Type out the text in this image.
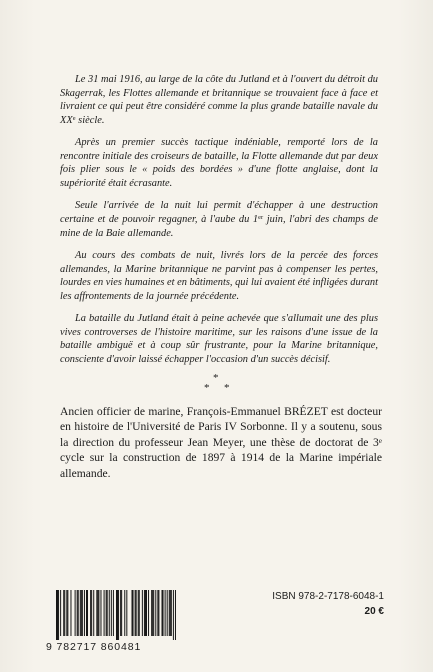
Le 31 mai 1916, au large de la côte du Jutland et à l'ouvert du détroit du Skagerrak, les Flottes allemande et britannique se trouvaient face à face et livraient ce qui peut être considéré comme la plus grande bataille navale du XXe siècle.

Après un premier succès tactique indéniable, remporté lors de la rencontre initiale des croiseurs de bataille, la Flotte allemande dut par deux fois plier sous le « poids des bordées » d'une flotte anglaise, dont la supériorité était écrasante.

Seule l'arrivée de la nuit lui permit d'échapper à une destruction certaine et de pouvoir regagner, à l'aube du 1er juin, l'abri des champs de mine de la Baie allemande.

Au cours des combats de nuit, livrés lors de la percée des forces allemandes, la Marine britannique ne parvint pas à compenser les pertes, lourdes en vies humaines et en bâtiments, qui lui avaient été infligées durant les affrontements de la journée précédente.

La bataille du Jutland était à peine achevée que s'allumait une des plus vives controverses de l'histoire maritime, sur les raisons d'une issue de la bataille ambiguë et à coup sûr frustrante, pour la Marine britannique, consciente d'avoir laissé échapper l'occasion d'un succès décisif.

*
* *

Ancien officier de marine, François-Emmanuel BRÉZET est docteur en histoire de l'Université de Paris IV Sorbonne. Il y a soutenu, sous la direction du professeur Jean Meyer, une thèse de doctorat de 3e cycle sur la construction de 1897 à 1914 de la Marine impériale allemande.

9 782717 860481
ISBN 978-2-7178-6048-1
20 €
